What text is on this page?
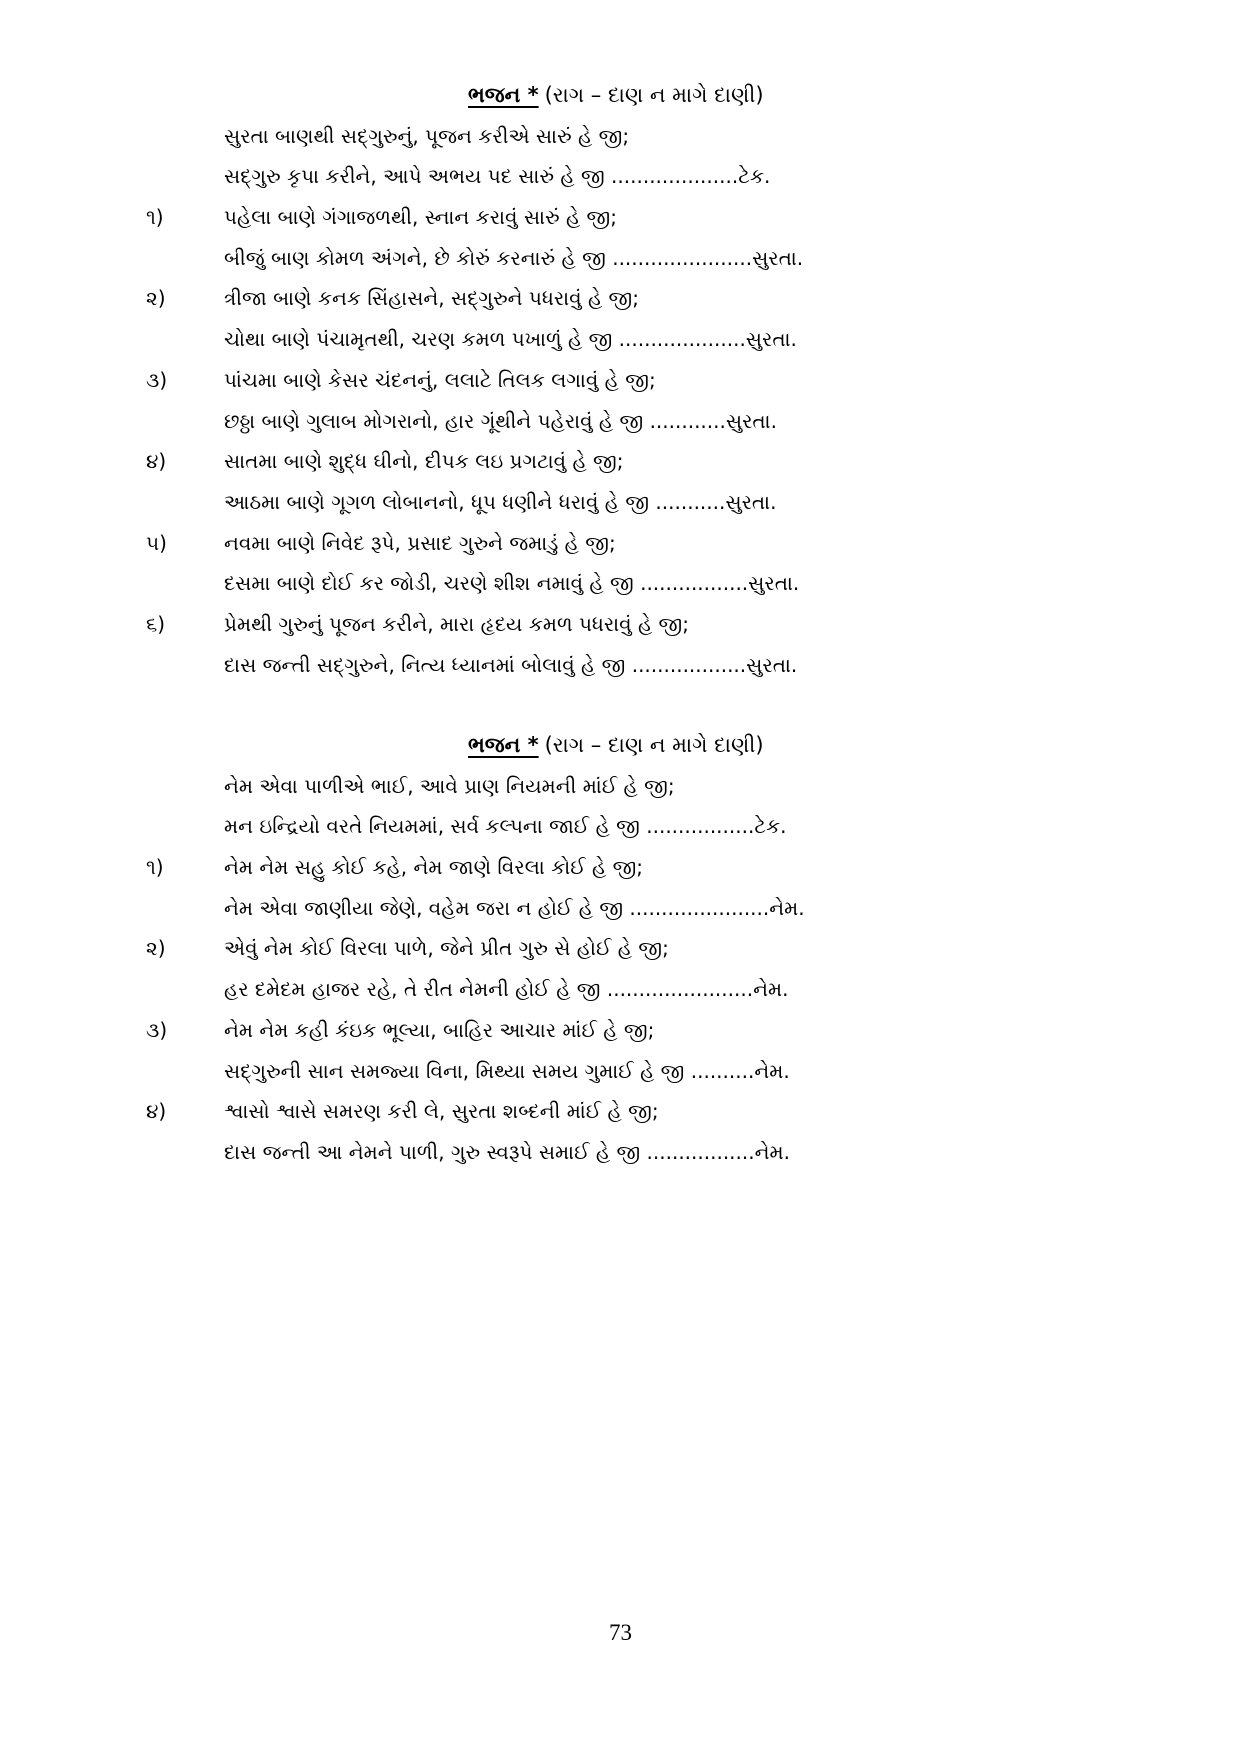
ભજન * (રાગ – દાણ ન માગે દાણી)
સુરતા બાણથી સદ્ગુરુનું, પૂજન કરીએ સારું હે જી;
સદ્ગુરુ કૃપા કરીને, આપે અભય પદ સારું હે જી ....................ટેક.
૧)	પહેલા બાણે ગંગાજળથી, સ્નાન કરાવું સારું હે જી;
બીજું બાણ કોમળ અંગને, છે કોરું કરનારું હે જી ......................સુરતા.
૨)	ત્રીજા બાણે કનક સિંહાસને, સદ્ગુરુને પધરાવું હે જી;
ચોથા બાણે પંચામૃતથી, ચરણ કમળ પખાળું હે જી ....................સુરતા.
૩)	પાંચમા બાણે કેસર ચંદનનું, લલાટે તિલક લગાવું હે જી;
છઠ્ઠા બાણે ગુલાબ મોગરાનો, હાર ગૂંથીને પહેરાવું હે જી ............સુરતા.
૪)	સાતમા બાણે શુદ્ધ ઘીનો, દીપક લઇ પ્રગટાવું હે જી;
આઠમા બાણે ગૂગળ લોબાનનો, ધૂપ ધણીને ધરાવું હે જી ...........સુરતા.
૫)	નવમા બાણે નિવેદ રૂપે, પ્રસાદ ગુરુને જમાડું હે જી;
દસમા બાણે દોઈ કર જોડી, ચરણે શીશ નમાવું હે જી .................સુરતા.
૬)	પ્રેમથી ગુરુનું પૂજન કરીને, મારા હૃદય કમળ પધરાવું હે જી;
દાસ જન્તી સદ્ગુરુને, નિત્ય ધ્યાનમાં બોલાવું હે જી ..................સુરતા.
ભજન * (રાગ – દાણ ન માગે દાણી)
નેમ એવા પાળીએ ભાઈ, આવે પ્રાણ નિયમની માંઈ હે જી;
મન ઇન્દ્રિયો વરતે નિયમમાં, સર્વ કલ્પના જાઈ હે જી .................ટેક.
૧)	નેમ નેમ સહુ કોઈ કહે, નેમ જાણે વિરલા કોઈ હે જી;
નેમ એવા જાણીયા જેણે, વહેમ જરા ન હોઈ હે જી ......................નેમ.
૨)	એવું નેમ કોઈ વિરલા પાળે, જેને પ્રીત ગુરુ સે હોઈ હે જી;
હર દમેદમ હાજર રહે, તે રીત નેમની હોઈ હે જી .......................નેમ.
૩)	નેમ નેમ કહી કંઇક ભૂલ્યા, બાહિર આચાર માંઈ હે જી;
સદ્ગુરુની સાન સમજ્યા વિના, મિથ્યા સમય ગુમાઈ હે જી ..........નેમ.
૪)	શ્વાસો શ્વાસે સમરણ કરી લે, સુરતા શબ્દની માંઈ હે જી;
દાસ જન્તી આ નેમને પાળી, ગુરુ સ્વરૂપે સમાઈ હે જી .................નેમ.
73
